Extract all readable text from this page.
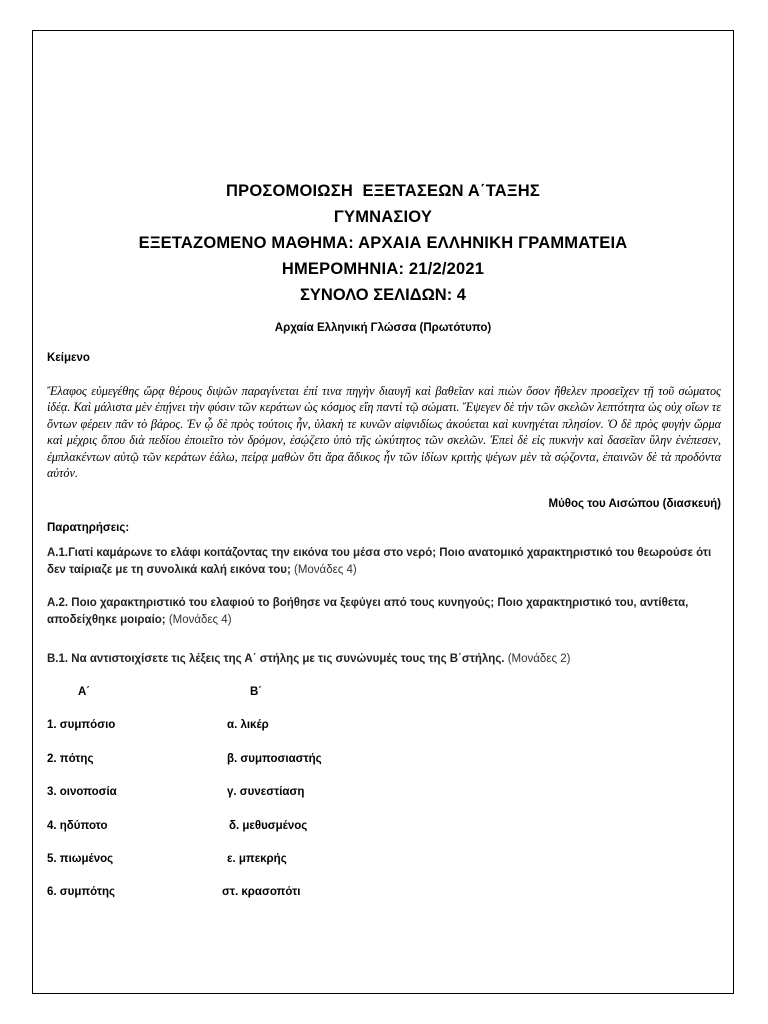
ΠΡΟΣΟΜΟΙΩΣΗ  ΕΞΕΤΑΣΕΩΝ Α΄ΤΑΞΗΣ
ΓΥΜΝΑΣΙΟΥ
ΕΞΕΤΑΖΟΜΕΝΟ ΜΑΘΗΜΑ: ΑΡΧΑΙΑ ΕΛΛΗΝΙΚΗ ΓΡΑΜΜΑΤΕΙΑ
ΗΜΕΡΟΜΗΝΙΑ: 21/2/2021
ΣΥΝΟΛΟ ΣΕΛΙΔΩΝ: 4
Αρχαία Ελληνική Γλώσσα (Πρωτότυπο)
Κείμενο

Ἔλαφος εὐμεγέθης ὥρᾳ θέρους διψῶν παραγίνεται ἐπί τινα πηγὴν διαυγῆ καὶ βαθεῖαν καὶ πιὼν ὅσον ἤθελεν προσεῖχεν τῇ τοῦ σώματος ἰδέᾳ. Καὶ μάλιστα μὲν ἐπῄνει τὴν φύσιν τῶν κεράτων ὡς κόσμος εἴη παντὶ τῷ σώματι. Ἔψεγεν δὲ τὴν τῶν σκελῶν λεπτότητα ὡς οὐχ οἵων τε ὄντων φέρειν πᾶν τὸ βάρος. Ἐν ᾧ δὲ πρὸς τούτοις ἦν, ὑλακὴ τε κυνῶν αἰφνιδίως ἀκούεται καὶ κυνηγέται πλησίον. Ὁ δὲ πρὸς φυγὴν ὥρμα καὶ μέχρις ὅπου διὰ πεδίου ἐποιεῖτο τὸν δρόμον, ἐσῴζετο ὑπὸ τῆς ὠκύτητος τῶν σκελῶν. Ἐπεὶ δὲ εἰς πυκνὴν καὶ δασεῖαν ὕλην ἐνέπεσεν, ἐμπλακέντων αὐτῷ τῶν κεράτων ἑάλω, πείρᾳ μαθὼν ὅτι ἄρα ἄδικος ἦν τῶν ἰδίων κριτὴς ψέγων μὲν τὰ σῴζοντα, ἐπαινῶν δὲ τὰ προδόντα αὐτόν.

Μύθος του Αισώπου (διασκευή)
Παρατηρήσεις:
Α.1.Γιατί καμάρωνε το ελάφι κοιτάζοντας την εικόνα του μέσα στο νερό; Ποιο ανατομικό χαρακτηριστικό του θεωρούσε ότι δεν ταίριαζε με τη συνολικά καλή εικόνα του; (Μονάδες 4)
Α.2. Ποιο χαρακτηριστικό του ελαφιού το βοήθησε να ξεφύγει από τους κυνηγούς; Ποιο χαρακτηριστικό του, αντίθετα, αποδείχθηκε μοιραίο; (Μονάδες 4)
Β.1. Να αντιστοιχίσετε τις λέξεις της Α΄ στήλης με τις συνώνυμές τους της Β΄στήλης. (Μονάδες 2)
Α΄	Β΄
1. συμπόσιο	α. λικέρ
2. πότης	β. συμποσιαστής
3. οινοποσία	γ. συνεστίαση
4. ηδύποτο	δ. μεθυσμένος
5. πιωμένος	ε. μπεκρής
6. συμπότης	στ. κρασοπότι
